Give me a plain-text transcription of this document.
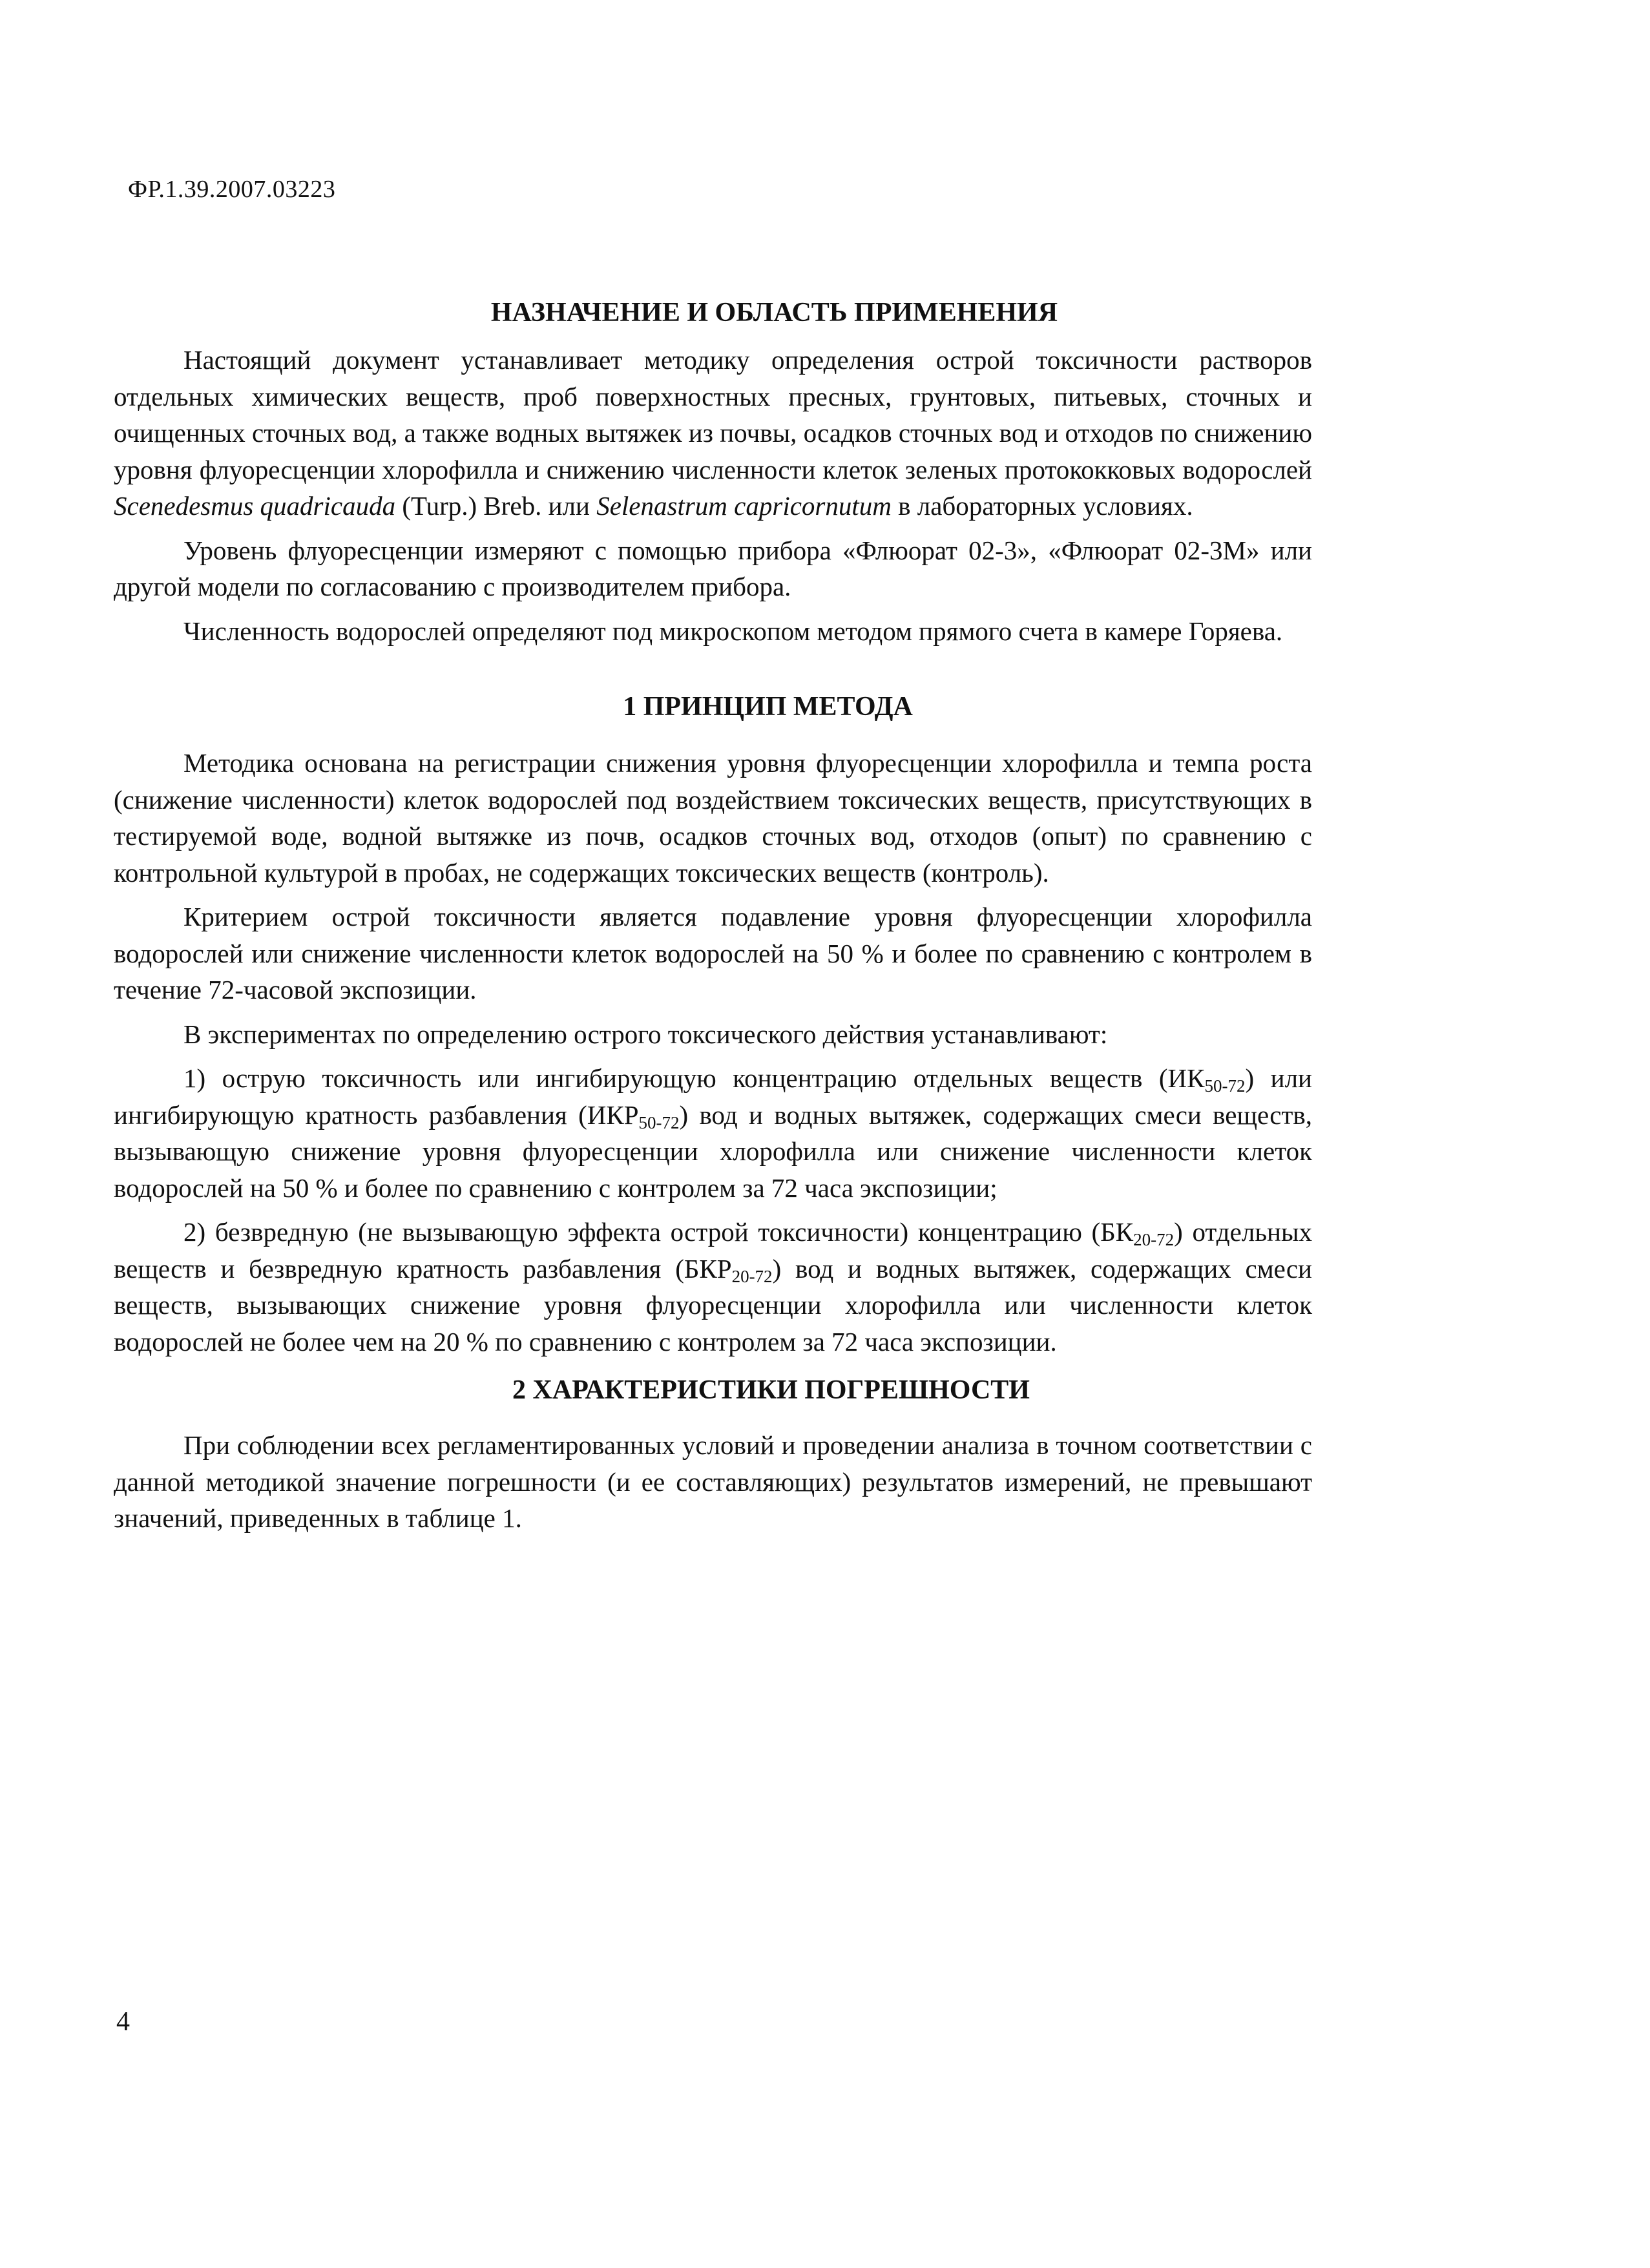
ФР.1.39.2007.03223
НАЗНАЧЕНИЕ И ОБЛАСТЬ ПРИМЕНЕНИЯ

Настоящий документ устанавливает методику определения острой токсичности растворов отдельных химических веществ, проб поверхностных пресных, грунтовых, питьевых, сточных и очищенных сточных вод, а также водных вытяжек из почвы, осадков сточных вод и отходов по снижению уровня флуоресценции хлорофилла и снижению численности клеток зеленых протококковых водорослей Scenedesmus quadricauda (Turp.) Breb. или Selenastrum capricornutum в лабораторных условиях.

Уровень флуоресценции измеряют с помощью прибора «Флюорат 02-3», «Флюорат 02-3М» или другой модели по согласованию с производителем прибора.

Численность водорослей определяют под микроскопом методом прямого счета в камере Горяева.

1 ПРИНЦИП МЕТОДА

Методика основана на регистрации снижения уровня флуоресценции хлорофилла и темпа роста (снижение численности) клеток водорослей под воздействием токсических веществ, присутствующих в тестируемой воде, водной вытяжке из почв, осадков сточных вод, отходов (опыт) по сравнению с контрольной культурой в пробах, не содержащих токсических веществ (контроль).

Критерием острой токсичности является подавление уровня флуоресценции хлорофилла водорослей или снижение численности клеток водорослей на 50 % и более по сравнению с контролем в течение 72-часовой экспозиции.

В экспериментах по определению острого токсического действия устанавливают:

1) острую токсичность или ингибирующую концентрацию отдельных веществ $(ИК_{50-72})$ или ингибирующую кратность разбавления $(ИКР_{50-72})$ вод и водных вытяжек, содержащих смеси веществ, вызывающую снижение уровня флуоресценции хлорофилла или снижение численности клеток водорослей на 50 % и более по сравнению с контролем за 72 часа экспозиции;

2) безвредную (не вызывающую эффекта острой токсичности) концентрацию $(БК_{20-72})$ отдельных веществ и безвредную кратность разбавления $(БКР_{20-72})$ вод и водных вытяжек, содержащих смеси веществ, вызывающих снижение уровня флуоресценции хлорофилла или численности клеток водорослей не более чем на 20 % по сравнению с контролем за 72 часа экспозиции.

2 ХАРАКТЕРИСТИКИ ПОГРЕШНОСТИ

При соблюдении всех регламентированных условий и проведении анализа в точном соответствии с данной методикой значение погрешности (и ее составляющих) результатов измерений, не превышают значений, приведенных в таблице 1.

4
